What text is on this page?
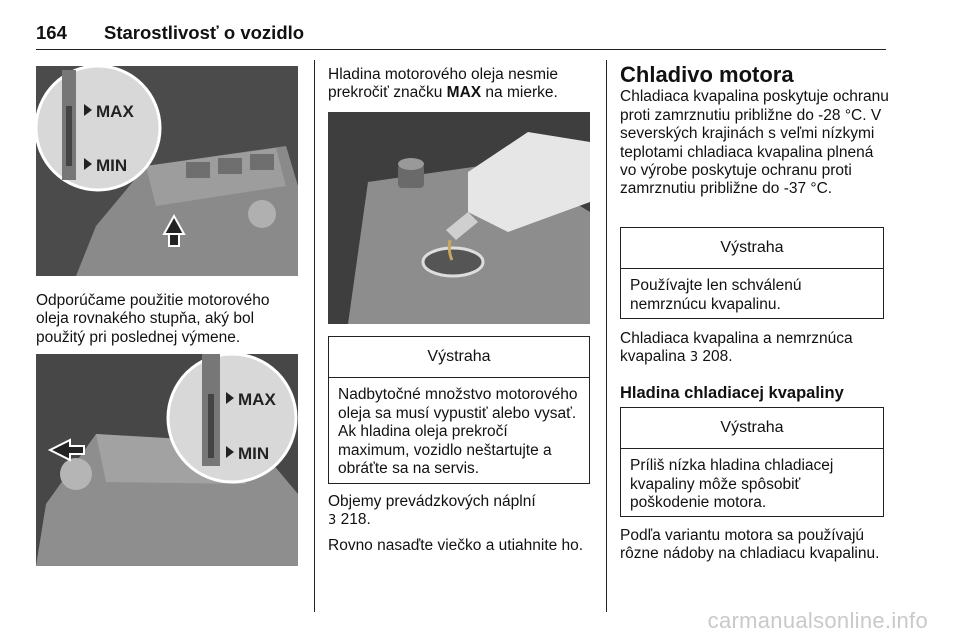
164 Starostlivosť o vozidlo
MAX
MIN

Odporúčame použitie motorového oleja rovnakého stupňa, aký bol použitý pri poslednej výmene.

MAX
MIN

Hladina motorového oleja nesmie prekročiť značku MAX na mierke.

Výstraha
Nadbytočné množstvo motorového oleja sa musí vypustiť alebo vysať. Ak hladina oleja prekročí maximum, vozidlo neštartujte a obráťte sa na servis.

Objemy prevádzkových náplní
3 218.

Rovno nasaďte viečko a utiahnite ho.

Chladivo motora

Chladiaca kvapalina poskytuje ochranu proti zamrznutiu približne do -28 °C. V severských krajinách s veľmi nízkymi teplotami chladiaca kvapalina plnená vo výrobe poskytuje ochranu proti zamrznutiu približne do -37 °C.

Výstraha
Používajte len schválenú nemrznúcu kvapalinu.

Chladiaca kvapalina a nemrznúca kvapalina 3 208.

Hladina chladiacej kvapaliny
Výstraha
Príliš nízka hladina chladiacej kvapaliny môže spôsobiť poškodenie motora.

Podľa variantu motora sa používajú rôzne nádoby na chladiacu kvapalinu.

carmanualsonline.info
